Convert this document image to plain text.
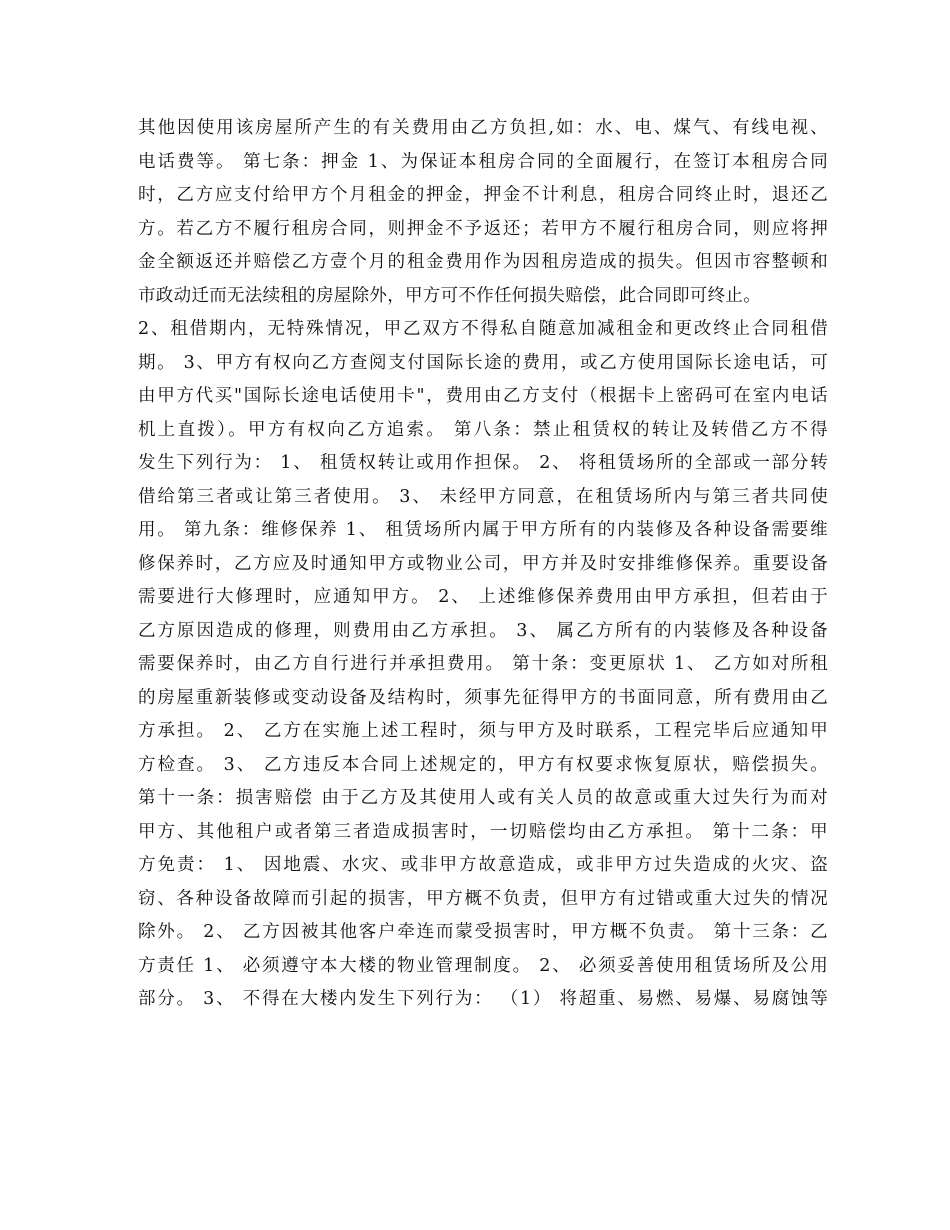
其他因使用该房屋所产生的有关费用由乙方负担,如：水、电、煤气、有线电视、
电话费等。 第七条：押金 1、为保证本租房合同的全面履行，在签订本租房合同
时，乙方应支付给甲方个月租金的押金，押金不计利息，租房合同终止时，退还乙
方。若乙方不履行租房合同，则押金不予返还；若甲方不履行租房合同，则应将押
金全额返还并赔偿乙方壹个月的租金费用作为因租房造成的损失。但因市容整顿和
市政动迁而无法续租的房屋除外，甲方可不作任何损失赔偿，此合同即可终止。
2、租借期内，无特殊情况，甲乙双方不得私自随意加减租金和更改终止合同租借
期。 3、甲方有权向乙方查阅支付国际长途的费用，或乙方使用国际长途电话，可
由甲方代买"国际长途电话使用卡"，费用由乙方支付（根据卡上密码可在室内电话
机上直拨）。甲方有权向乙方追索。 第八条：禁止租赁权的转让及转借乙方不得
发生下列行为： 1、 租赁权转让或用作担保。 2、 将租赁场所的全部或一部分转
借给第三者或让第三者使用。 3、 未经甲方同意，在租赁场所内与第三者共同使
用。 第九条：维修保养 1、 租赁场所内属于甲方所有的内装修及各种设备需要维
修保养时，乙方应及时通知甲方或物业公司，甲方并及时安排维修保养。重要设备
需要进行大修理时，应通知甲方。 2、 上述维修保养费用由甲方承担，但若由于
乙方原因造成的修理，则费用由乙方承担。 3、 属乙方所有的内装修及各种设备
需要保养时，由乙方自行进行并承担费用。 第十条：变更原状 1、 乙方如对所租
的房屋重新装修或变动设备及结构时，须事先征得甲方的书面同意，所有费用由乙
方承担。 2、 乙方在实施上述工程时，须与甲方及时联系，工程完毕后应通知甲
方检查。 3、 乙方违反本合同上述规定的，甲方有权要求恢复原状，赔偿损失。
第十一条：损害赔偿 由于乙方及其使用人或有关人员的故意或重大过失行为而对
甲方、其他租户或者第三者造成损害时，一切赔偿均由乙方承担。 第十二条：甲
方免责： 1、 因地震、水灾、或非甲方故意造成，或非甲方过失造成的火灾、盗
窃、各种设备故障而引起的损害，甲方概不负责，但甲方有过错或重大过失的情况
除外。 2、 乙方因被其他客户牵连而蒙受损害时，甲方概不负责。 第十三条：乙
方责任 1、 必须遵守本大楼的物业管理制度。 2、 必须妥善使用租赁场所及公用
部分。 3、 不得在大楼内发生下列行为： （1） 将超重、易燃、易爆、易腐蚀等
